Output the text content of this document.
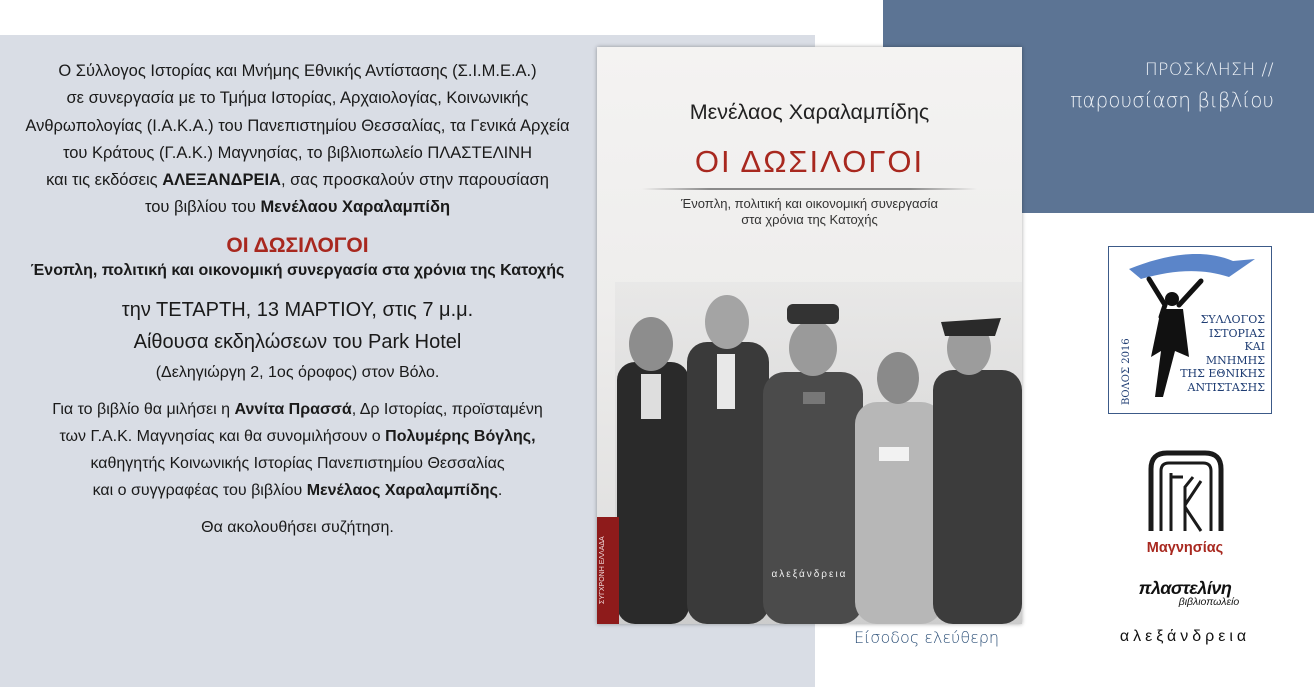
ΠΡΟΣΚΛΗΣΗ //
παρουσίαση βιβλίου
Ο Σύλλογος Ιστορίας και Μνήμης Εθνικής Αντίστασης (Σ.Ι.Μ.Ε.Α.)
σε συνεργασία με το Τμήμα Ιστορίας, Αρχαιολογίας, Κοινωνικής
Ανθρωπολογίας (Ι.Α.Κ.Α.) του Πανεπιστημίου Θεσσαλίας, τα Γενικά Αρχεία
του Κράτους (Γ.Α.Κ.) Μαγνησίας, το βιβλιοπωλείο ΠΛΑΣΤΕΛΙΝΗ
και τις εκδόσεις ΑΛΕΞΑΝΔΡΕΙΑ, σας προσκαλούν στην παρουσίαση
του βιβλίου του Μενέλαου Χαραλαμπίδη
ΟΙ ΔΩΣΙΛΟΓΟΙ
Ένοπλη, πολιτική και οικονομική συνεργασία στα χρόνια της Κατοχής
την ΤΕΤΑΡΤΗ, 13 ΜΑΡΤΙΟΥ, στις 7 μ.μ.
Αίθουσα εκδηλώσεων του Park Hotel
(Δεληγιώργη 2, 1ος όροφος) στον Βόλο.
Για το βιβλίο θα μιλήσει η Αννίτα Πρασσά, Δρ Ιστορίας, προϊσταμένη
των Γ.Α.Κ. Μαγνησίας και θα συνομιλήσουν ο Πολυμέρης Βόγλης,
καθηγητής Κοινωνικής Ιστορίας Πανεπιστημίου Θεσσαλίας
και ο συγγραφέας του βιβλίου Μενέλαος Χαραλαμπίδης.
Θα ακολουθήσει συζήτηση.
Μενέλαος Χαραλαμπίδης
ΟΙ ΔΩΣΙΛΟΓΟΙ
Ένοπλη, πολιτική και οικονομική συνεργασία
στα χρόνια της Κατοχής
ΣΥΓΧΡΟΝΗ ΕΛΛΑΔΑ	αλεξάνδρεια
Είσοδος ελεύθερη
ΒΟΛΟΣ 2016
ΣΥΛΛΟΓΟΣ
ΙΣΤΟΡΙΑΣ
ΚΑΙ
ΜΝΗΜΗΣ
ΤΗΣ ΕΘΝΙΚΗΣ
ΑΝΤΙΣΤΑΣΗΣ
Μαγνησίας
πλαστελίνη
βιβλιοπωλείο
αλεξάνδρεια
